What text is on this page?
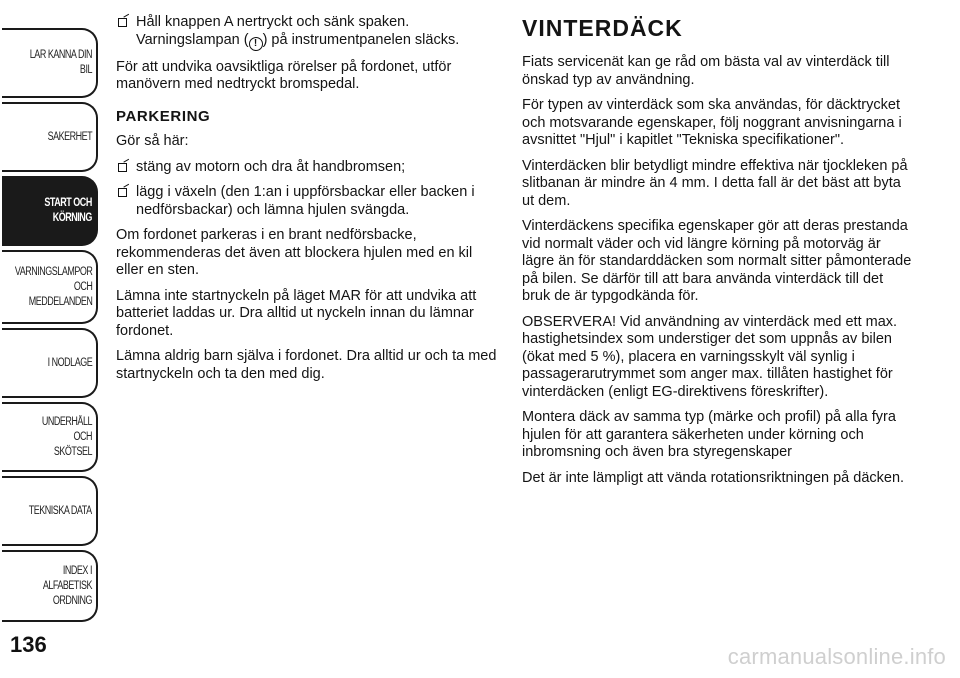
LÄR KÄNNA DIN BIL
SÄKERHET
START OCH
KÖRNING
VARNINGSLAMPOR
OCH
MEDDELANDEN
I NÖDLÄGE
UNDERHÅLL OCH
SKÖTSEL
TEKNISKA DATA
INDEX I ALFABETISK
ORDNING
136
Håll knappen A nertryckt och sänk spaken.
Varningslampan ( ! ) på instrumentpanelen släcks.

För att undvika oavsiktliga rörelser på fordonet, utför manövern med nedtryckt bromspedal.

PARKERING

Gör så här:

stäng av motorn och dra åt handbromsen;
lägg i växeln (den 1:an i uppförsbackar eller backen i nedförsbackar) och lämna hjulen svängda.

Om fordonet parkeras i en brant nedförsbacke, rekommenderas det även att blockera hjulen med en kil eller en sten.

Lämna inte startnyckeln på läget MAR för att undvika att batteriet laddas ur. Dra alltid ut nyckeln innan du lämnar fordonet.

Lämna aldrig barn själva i fordonet. Dra alltid ur och ta med startnyckeln och ta den med dig.

VINTERDÄCK

Fiats servicenät kan ge råd om bästa val av vinterdäck till önskad typ av användning.

För typen av vinterdäck som ska användas, för däcktrycket och motsvarande egenskaper, följ noggrant anvisningarna i avsnittet "Hjul" i kapitlet "Tekniska specifikationer".

Vinterdäcken blir betydligt mindre effektiva när tjockleken på slitbanan är mindre än 4 mm. I detta fall är det bäst att byta ut dem.

Vinterdäckens specifika egenskaper gör att deras prestanda vid normalt väder och vid längre körning på motorväg är lägre än för standarddäcken som normalt sitter påmonterade på bilen. Se därför till att bara använda vinterdäck till det bruk de är typgodkända för.

OBSERVERA! Vid användning av vinterdäck med ett max. hastighetsindex som understiger det som uppnås av bilen (ökat med 5 %), placera en varningsskylt väl synlig i passagerarutrymmet som anger max. tillåten hastighet för vinterdäcken (enligt EG-direktivens föreskrifter).

Montera däck av samma typ (märke och profil) på alla fyra hjulen för att garantera säkerheten under körning och inbromsning och även bra styregenskaper

Det är inte lämpligt att vända rotationsriktningen på däcken.

carmanualsonline.info
